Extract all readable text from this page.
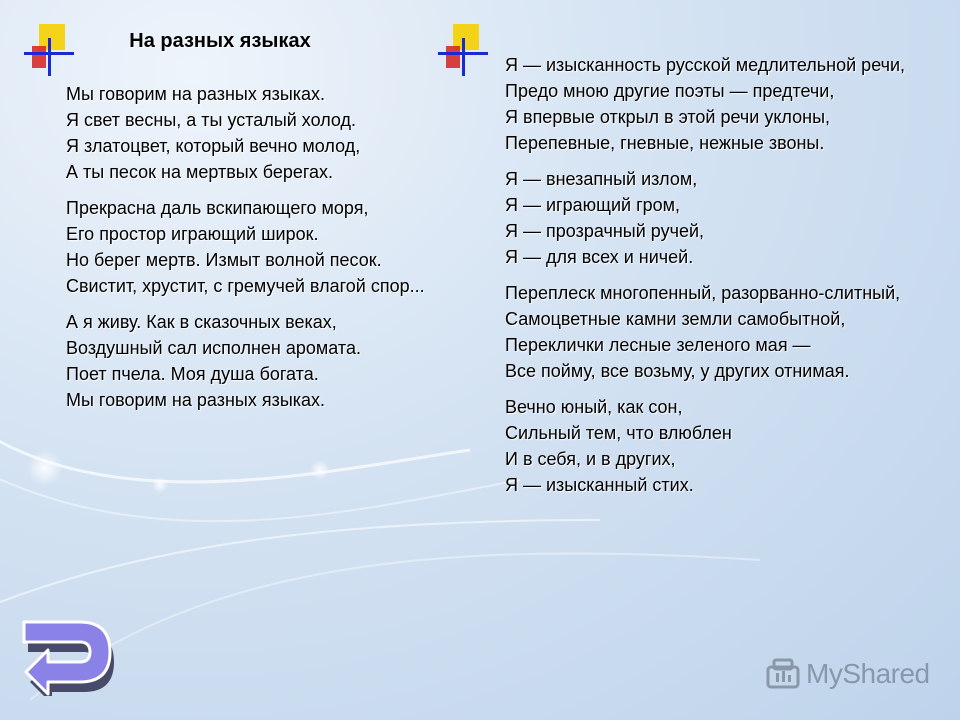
На разных языках
Мы говорим на разных языках.
Я свет весны, а ты усталый холод.
Я златоцвет, который вечно молод,
А ты песок на мертвых берегах.
Прекрасна даль вскипающего моря,
Его простор играющий широк.
Но берег мертв. Измыт волной песок.
Свистит, хрустит, с гремучей влагой спор...
А я живу. Как в сказочных веках,
Воздушный сал исполнен аромата.
Поет пчела. Моя душа богата.
Мы говорим на разных языках.
Я — изысканность русской медлительной речи,
Предо мною другие поэты — предтечи,
Я впервые открыл в этой речи уклоны,
Перепевные, гневные, нежные звоны.
Я — внезапный излом,
Я — играющий гром,
Я — прозрачный ручей,
Я — для всех и ничей.
Переплеск многопенный, разорванно-слитный,
Самоцветные камни земли самобытной,
Переклички лесные зеленого мая —
Все пойму, все возьму, у других отнимая.
Вечно юный, как сон,
Сильный тем, что влюблен
И в себя, и в других,
Я — изысканный стих.
MyShared
